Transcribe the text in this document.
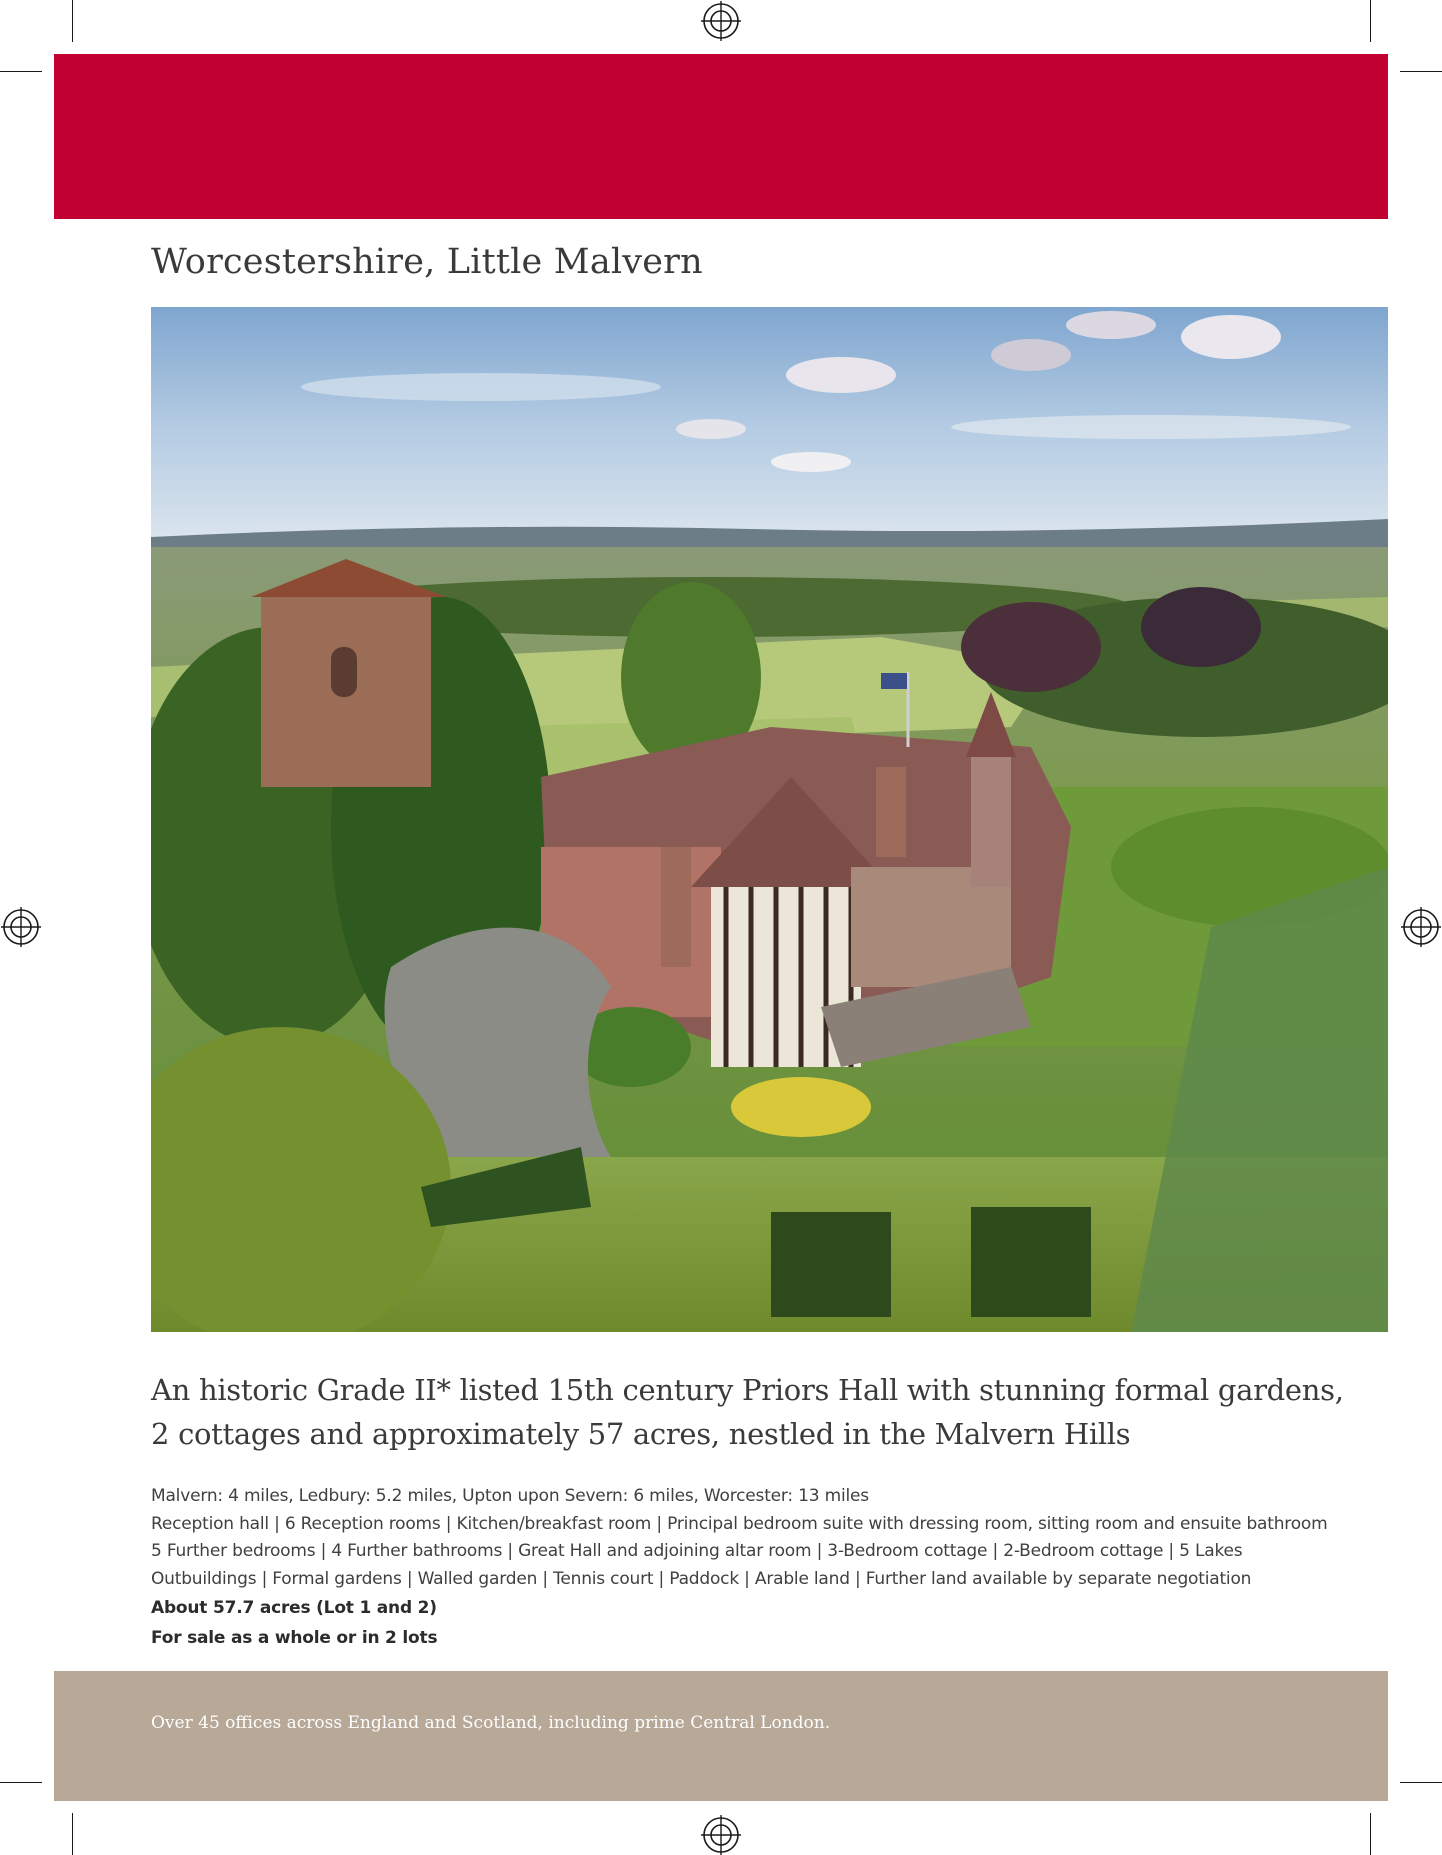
Worcestershire, Little Malvern
An historic Grade II* listed 15th century Priors Hall with stunning formal gardens,
2 cottages and approximately 57 acres, nestled in the Malvern Hills
Malvern: 4 miles, Ledbury: 5.2 miles, Upton upon Severn: 6 miles, Worcester: 13 miles
Reception hall | 6 Reception rooms | Kitchen/breakfast room | Principal bedroom suite with dressing room, sitting room and ensuite bathroom
5 Further bedrooms | 4 Further bathrooms | Great Hall and adjoining altar room | 3-Bedroom cottage | 2-Bedroom cottage | 5 Lakes
Outbuildings | Formal gardens | Walled garden | Tennis court | Paddock | Arable land | Further land available by separate negotiation
About 57.7 acres (Lot 1 and 2)
For sale as a whole or in 2 lots
Over 45 offices across England and Scotland, including prime Central London.
